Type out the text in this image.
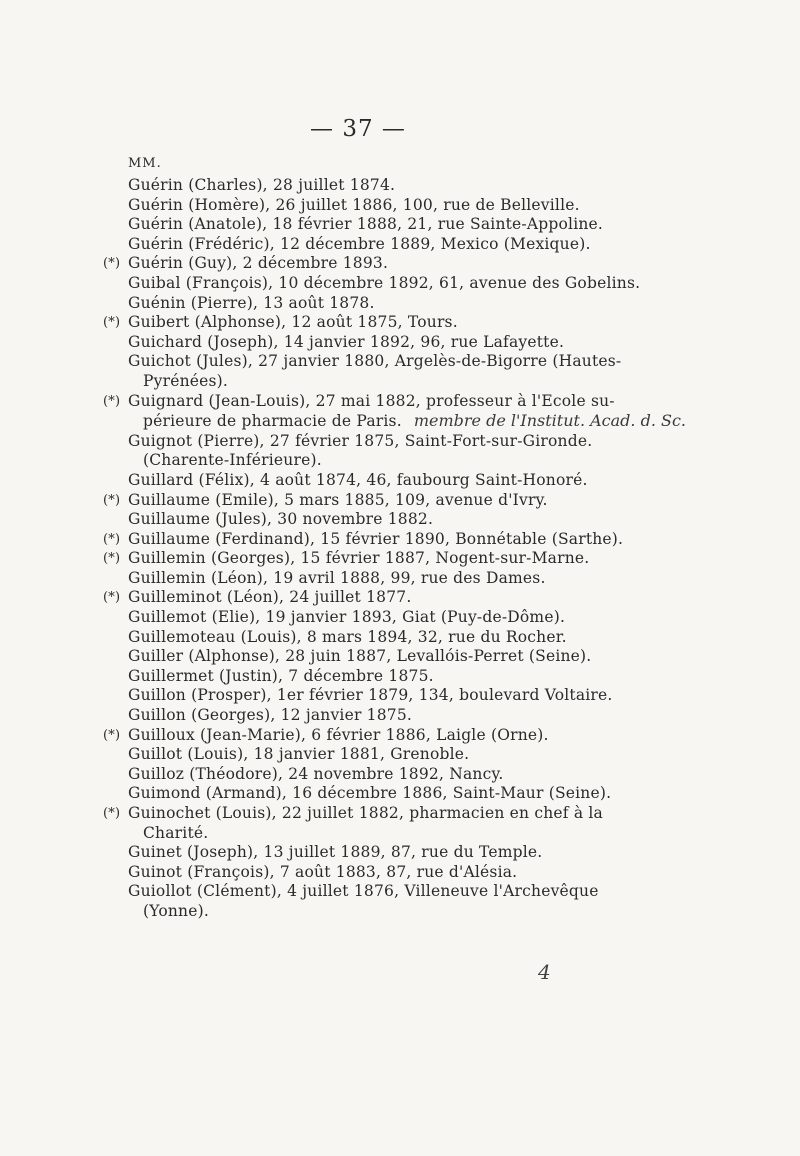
— 37 —
MM.
Guérin (Charles), 28 juillet 1874.
Guérin (Homère), 26 juillet 1886, 100, rue de Belleville.
Guérin (Anatole), 18 février 1888, 21, rue Sainte-Appoline.
Guérin (Frédéric), 12 décembre 1889, Mexico (Mexique).
(*) Guérin (Guy), 2 décembre 1893.
Guibal (François), 10 décembre 1892, 61, avenue des Gobelins.
Guénin (Pierre), 13 août 1878.
(*) Guibert (Alphonse), 12 août 1875, Tours.
Guichard (Joseph), 14 janvier 1892, 96, rue Lafayette.
Guichot (Jules), 27 janvier 1880, Argelès-de-Bigorre (Hautes-
Pyrénées).
(*) Guignard (Jean-Louis), 27 mai 1882, professeur à l'Ecole su-
périeure de pharmacie de Paris. membre de l'Institut. Acad. d. Sc.
Guignot (Pierre), 27 février 1875, Saint-Fort-sur-Gironde.
(Charente-Inférieure).
Guillard (Félix), 4 août 1874, 46, faubourg Saint-Honoré.
(*) Guillaume (Emile), 5 mars 1885, 109, avenue d'Ivry.
Guillaume (Jules), 30 novembre 1882.
(*) Guillaume (Ferdinand), 15 février 1890, Bonnétable (Sarthe).
(*) Guillemin (Georges), 15 février 1887, Nogent-sur-Marne.
Guillemin (Léon), 19 avril 1888, 99, rue des Dames.
(*) Guilleminot (Léon), 24 juillet 1877.
Guillemot (Elie), 19 janvier 1893, Giat (Puy-de-Dôme).
Guillemoteau (Louis), 8 mars 1894, 32, rue du Rocher.
Guiller (Alphonse), 28 juin 1887, Levallóis-Perret (Seine).
Guillermet (Justin), 7 décembre 1875.
Guillon (Prosper), 1er février 1879, 134, boulevard Voltaire.
Guillon (Georges), 12 janvier 1875.
(*) Guilloux (Jean-Marie), 6 février 1886, Laigle (Orne).
Guillot (Louis), 18 janvier 1881, Grenoble.
Guilloz (Théodore), 24 novembre 1892, Nancy.
Guimond (Armand), 16 décembre 1886, Saint-Maur (Seine).
(*) Guinochet (Louis), 22 juillet 1882, pharmacien en chef à la
Charité.
Guinet (Joseph), 13 juillet 1889, 87, rue du Temple.
Guinot (François), 7 août 1883, 87, rue d'Alésia.
Guiollot (Clément), 4 juillet 1876, Villeneuve l'Archevêque
(Yonne).
4
